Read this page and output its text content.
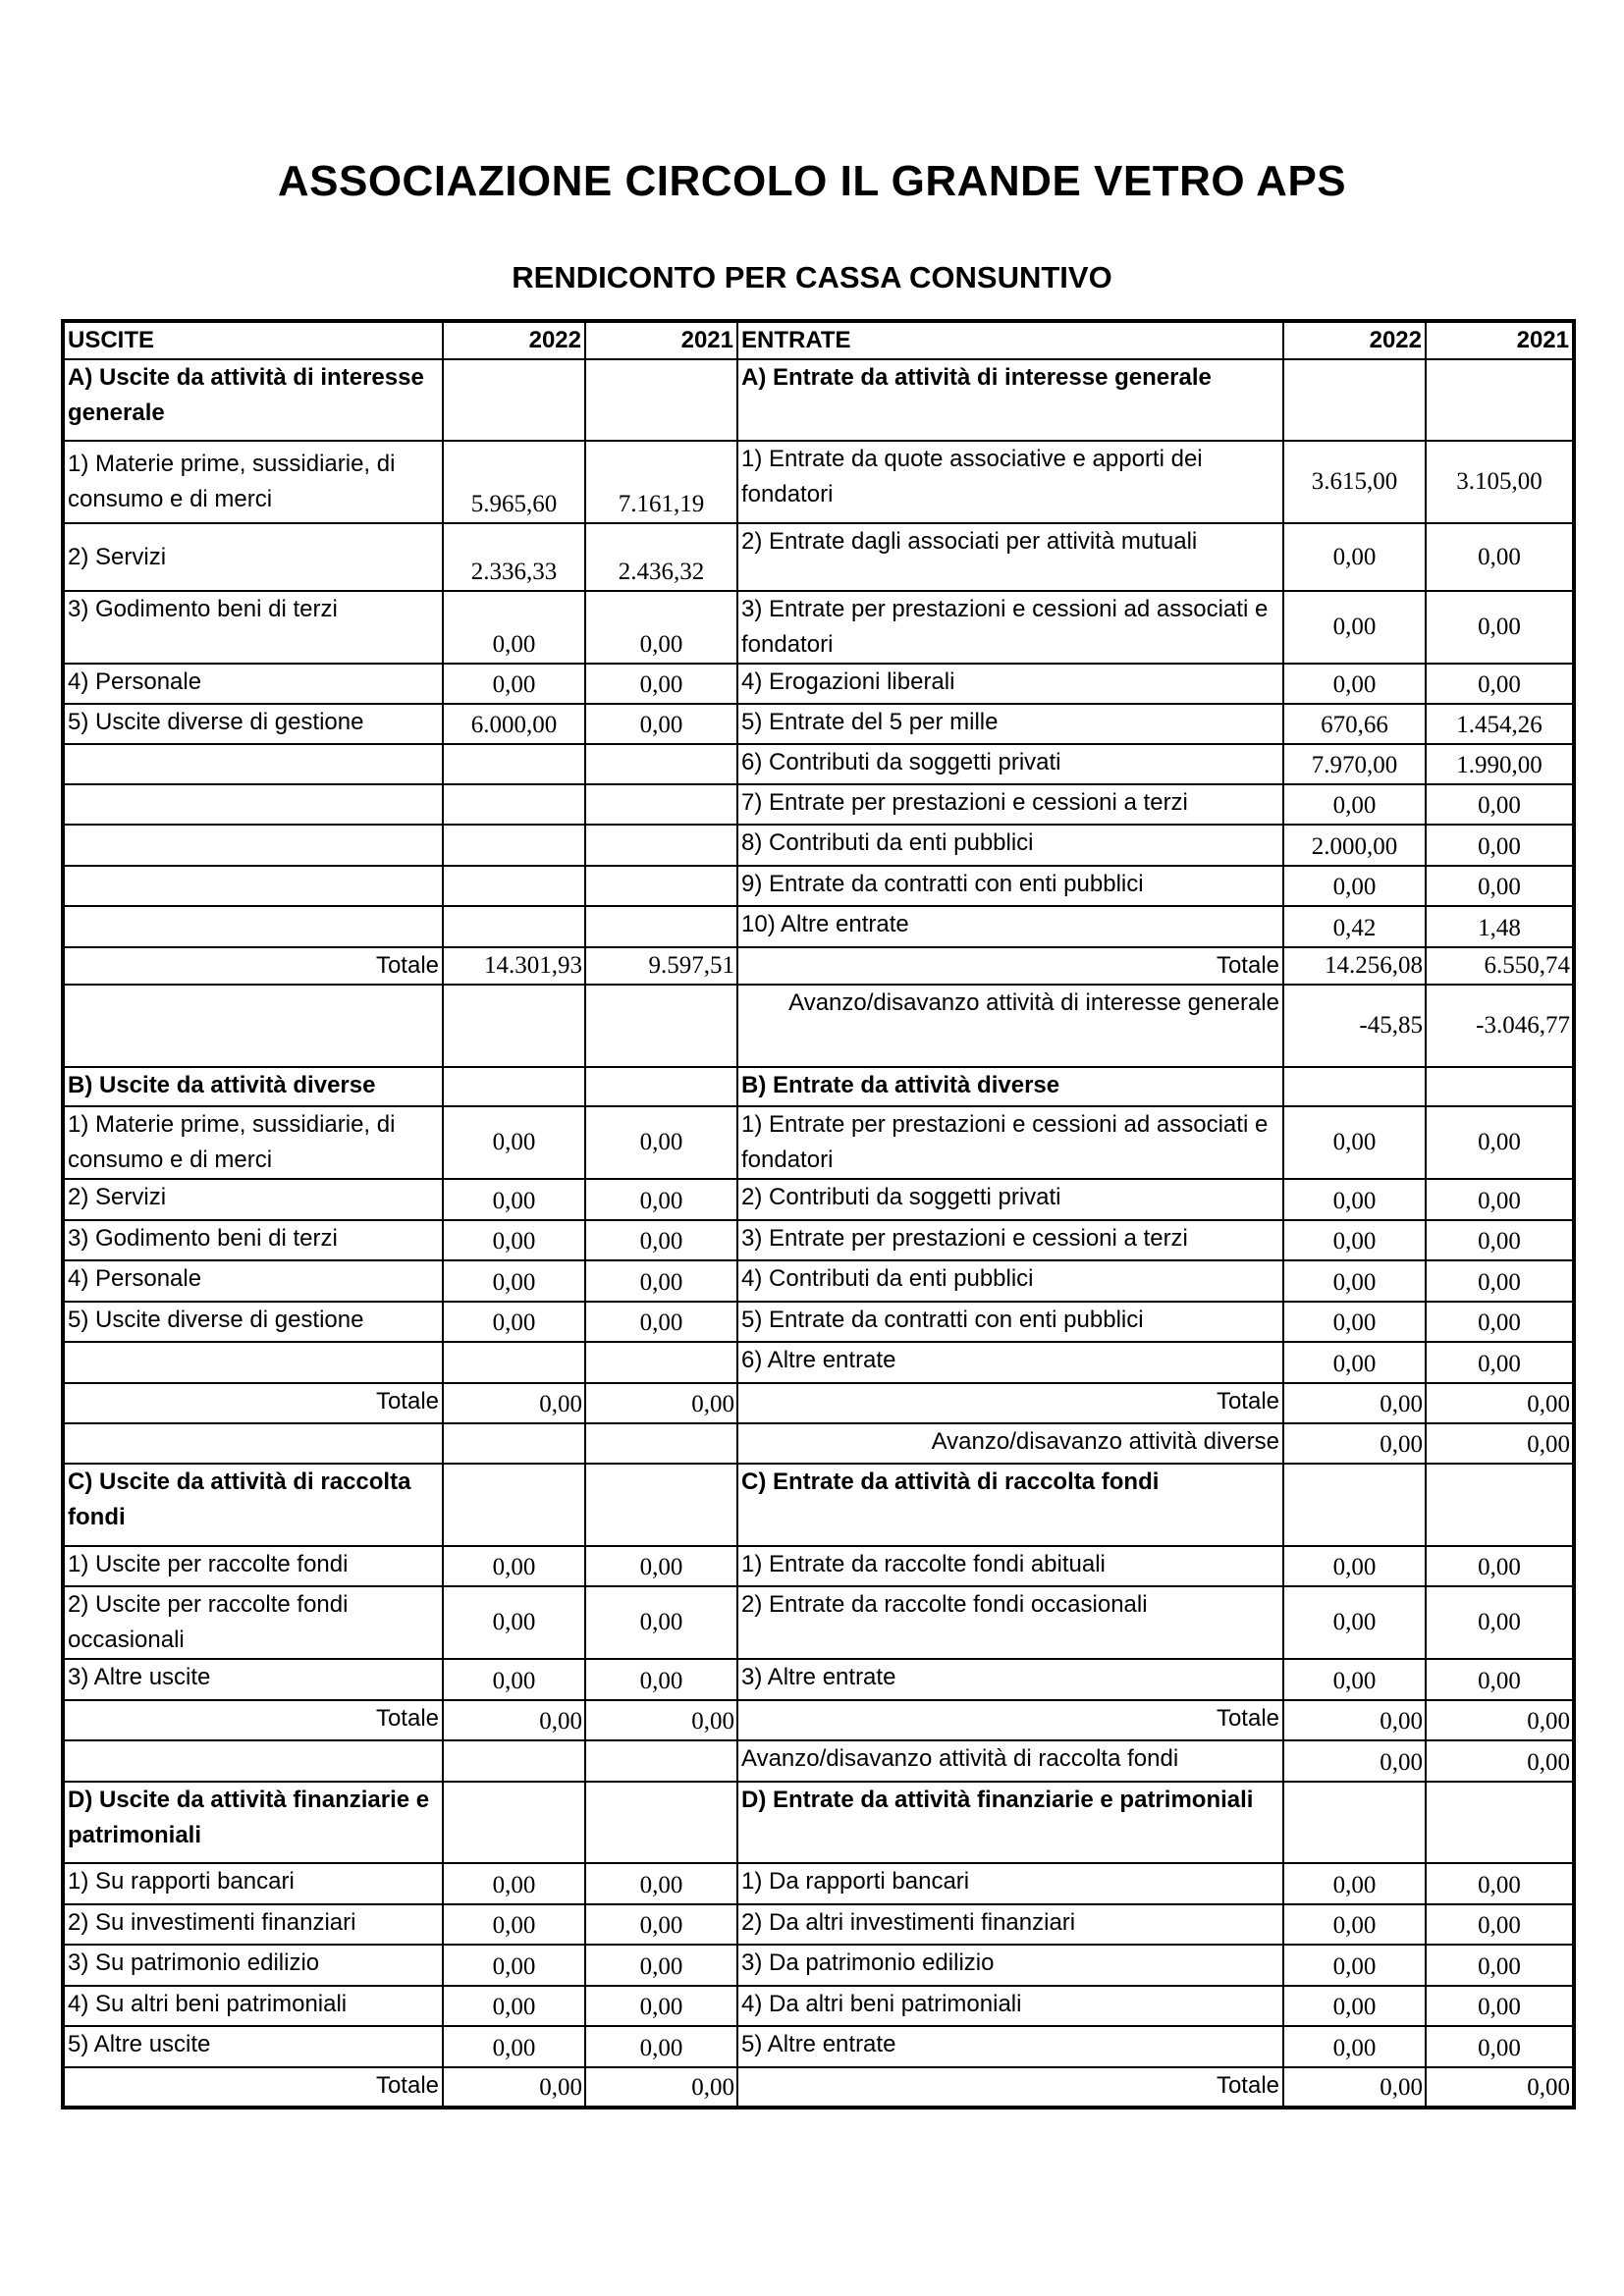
ASSOCIAZIONE CIRCOLO IL GRANDE VETRO APS
RENDICONTO PER CASSA CONSUNTIVO
USCITE	2022	2021	ENTRATE	2022	2021
A) Uscite da attività di interesse generale			A) Entrate da attività di interesse generale		
1) Materie prime, sussidiarie, di consumo e di merci	5.965,60	7.161,19	1) Entrate da quote associative e apporti dei fondatori	3.615,00	3.105,00
2) Servizi	2.336,33	2.436,32	2) Entrate dagli associati per attività mutuali	0,00	0,00
3) Godimento beni di terzi	0,00	0,00	3) Entrate per prestazioni e cessioni ad associati e fondatori	0,00	0,00
4) Personale	0,00	0,00	4) Erogazioni liberali	0,00	0,00
5) Uscite diverse di gestione	6.000,00	0,00	5) Entrate del 5 per mille	670,66	1.454,26
			6) Contributi da soggetti privati	7.970,00	1.990,00
			7) Entrate per prestazioni e cessioni a terzi	0,00	0,00
			8) Contributi da enti pubblici	2.000,00	0,00
			9) Entrate da contratti con enti pubblici	0,00	0,00
			10) Altre entrate	0,42	1,48
Totale	14.301,93	9.597,51	Totale	14.256,08	6.550,74
			Avanzo/disavanzo attività di interesse generale	-45,85	-3.046,77
B) Uscite da attività diverse			B) Entrate da attività diverse		
1) Materie prime, sussidiarie, di consumo e di merci	0,00	0,00	1) Entrate per prestazioni e cessioni ad associati e fondatori	0,00	0,00
2) Servizi	0,00	0,00	2) Contributi da soggetti privati	0,00	0,00
3) Godimento beni di terzi	0,00	0,00	3) Entrate per prestazioni e cessioni a terzi	0,00	0,00
4) Personale	0,00	0,00	4) Contributi da enti pubblici	0,00	0,00
5) Uscite diverse di gestione	0,00	0,00	5) Entrate da contratti con enti pubblici	0,00	0,00
			6) Altre entrate	0,00	0,00
Totale	0,00	0,00	Totale	0,00	0,00
			Avanzo/disavanzo attività diverse	0,00	0,00
C) Uscite da attività di raccolta fondi			C) Entrate da attività di raccolta fondi		
1) Uscite per raccolte fondi	0,00	0,00	1) Entrate da raccolte fondi abituali	0,00	0,00
2) Uscite per raccolte fondi occasionali	0,00	0,00	2) Entrate da raccolte fondi occasionali	0,00	0,00
3) Altre uscite	0,00	0,00	3) Altre entrate	0,00	0,00
Totale	0,00	0,00	Totale	0,00	0,00
			Avanzo/disavanzo attività di raccolta fondi	0,00	0,00
D) Uscite da attività finanziarie e patrimoniali			D) Entrate da attività finanziarie e patrimoniali		
1) Su rapporti bancari	0,00	0,00	1) Da rapporti bancari	0,00	0,00
2) Su investimenti finanziari	0,00	0,00	2) Da altri investimenti finanziari	0,00	0,00
3) Su patrimonio edilizio	0,00	0,00	3) Da patrimonio edilizio	0,00	0,00
4) Su altri beni patrimoniali	0,00	0,00	4) Da altri beni patrimoniali	0,00	0,00
5) Altre uscite	0,00	0,00	5) Altre entrate	0,00	0,00
Totale	0,00	0,00	Totale	0,00	0,00
